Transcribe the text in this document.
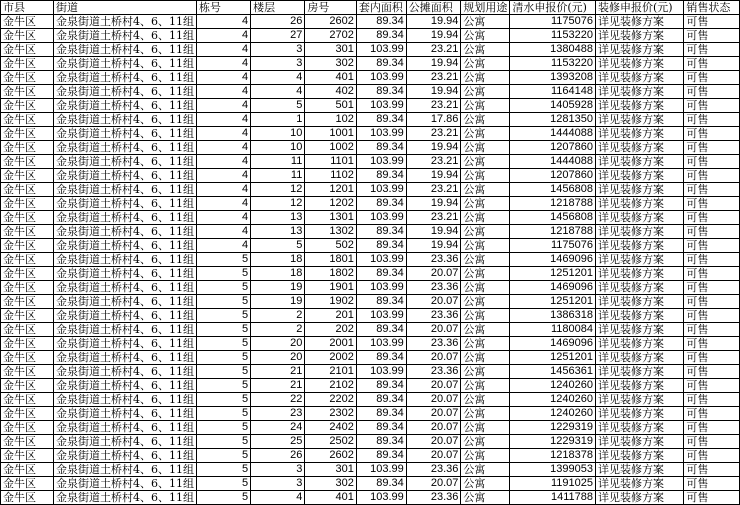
市县	街道	栋号	楼层	房号	套内面积	公摊面积	规划用途	清水申报价(元)	装修申报价(元)	销售状态
金牛区	金泉街道土桥村4、6、11组	4	26	2602	89.34	19.94	公寓	1175076	详见装修方案	可售
金牛区	金泉街道土桥村4、6、11组	4	27	2702	89.34	19.94	公寓	1153220	详见装修方案	可售
金牛区	金泉街道土桥村4、6、11组	4	3	301	103.99	23.21	公寓	1380488	详见装修方案	可售
金牛区	金泉街道土桥村4、6、11组	4	3	302	89.34	19.94	公寓	1153220	详见装修方案	可售
金牛区	金泉街道土桥村4、6、11组	4	4	401	103.99	23.21	公寓	1393208	详见装修方案	可售
金牛区	金泉街道土桥村4、6、11组	4	4	402	89.34	19.94	公寓	1164148	详见装修方案	可售
金牛区	金泉街道土桥村4、6、11组	4	5	501	103.99	23.21	公寓	1405928	详见装修方案	可售
金牛区	金泉街道土桥村4、6、11组	4	1	102	89.34	17.86	公寓	1281350	详见装修方案	可售
金牛区	金泉街道土桥村4、6、11组	4	10	1001	103.99	23.21	公寓	1444088	详见装修方案	可售
金牛区	金泉街道土桥村4、6、11组	4	10	1002	89.34	19.94	公寓	1207860	详见装修方案	可售
金牛区	金泉街道土桥村4、6、11组	4	11	1101	103.99	23.21	公寓	1444088	详见装修方案	可售
金牛区	金泉街道土桥村4、6、11组	4	11	1102	89.34	19.94	公寓	1207860	详见装修方案	可售
金牛区	金泉街道土桥村4、6、11组	4	12	1201	103.99	23.21	公寓	1456808	详见装修方案	可售
金牛区	金泉街道土桥村4、6、11组	4	12	1202	89.34	19.94	公寓	1218788	详见装修方案	可售
金牛区	金泉街道土桥村4、6、11组	4	13	1301	103.99	23.21	公寓	1456808	详见装修方案	可售
金牛区	金泉街道土桥村4、6、11组	4	13	1302	89.34	19.94	公寓	1218788	详见装修方案	可售
金牛区	金泉街道土桥村4、6、11组	4	5	502	89.34	19.94	公寓	1175076	详见装修方案	可售
金牛区	金泉街道土桥村4、6、11组	5	18	1801	103.99	23.36	公寓	1469096	详见装修方案	可售
金牛区	金泉街道土桥村4、6、11组	5	18	1802	89.34	20.07	公寓	1251201	详见装修方案	可售
金牛区	金泉街道土桥村4、6、11组	5	19	1901	103.99	23.36	公寓	1469096	详见装修方案	可售
金牛区	金泉街道土桥村4、6、11组	5	19	1902	89.34	20.07	公寓	1251201	详见装修方案	可售
金牛区	金泉街道土桥村4、6、11组	5	2	201	103.99	23.36	公寓	1386318	详见装修方案	可售
金牛区	金泉街道土桥村4、6、11组	5	2	202	89.34	20.07	公寓	1180084	详见装修方案	可售
金牛区	金泉街道土桥村4、6、11组	5	20	2001	103.99	23.36	公寓	1469096	详见装修方案	可售
金牛区	金泉街道土桥村4、6、11组	5	20	2002	89.34	20.07	公寓	1251201	详见装修方案	可售
金牛区	金泉街道土桥村4、6、11组	5	21	2101	103.99	23.36	公寓	1456361	详见装修方案	可售
金牛区	金泉街道土桥村4、6、11组	5	21	2102	89.34	20.07	公寓	1240260	详见装修方案	可售
金牛区	金泉街道土桥村4、6、11组	5	22	2202	89.34	20.07	公寓	1240260	详见装修方案	可售
金牛区	金泉街道土桥村4、6、11组	5	23	2302	89.34	20.07	公寓	1240260	详见装修方案	可售
金牛区	金泉街道土桥村4、6、11组	5	24	2402	89.34	20.07	公寓	1229319	详见装修方案	可售
金牛区	金泉街道土桥村4、6、11组	5	25	2502	89.34	20.07	公寓	1229319	详见装修方案	可售
金牛区	金泉街道土桥村4、6、11组	5	26	2602	89.34	20.07	公寓	1218378	详见装修方案	可售
金牛区	金泉街道土桥村4、6、11组	5	3	301	103.99	23.36	公寓	1399053	详见装修方案	可售
金牛区	金泉街道土桥村4、6、11组	5	3	302	89.34	20.07	公寓	1191025	详见装修方案	可售
金牛区	金泉街道土桥村4、6、11组	5	4	401	103.99	23.36	公寓	1411788	详见装修方案	可售
